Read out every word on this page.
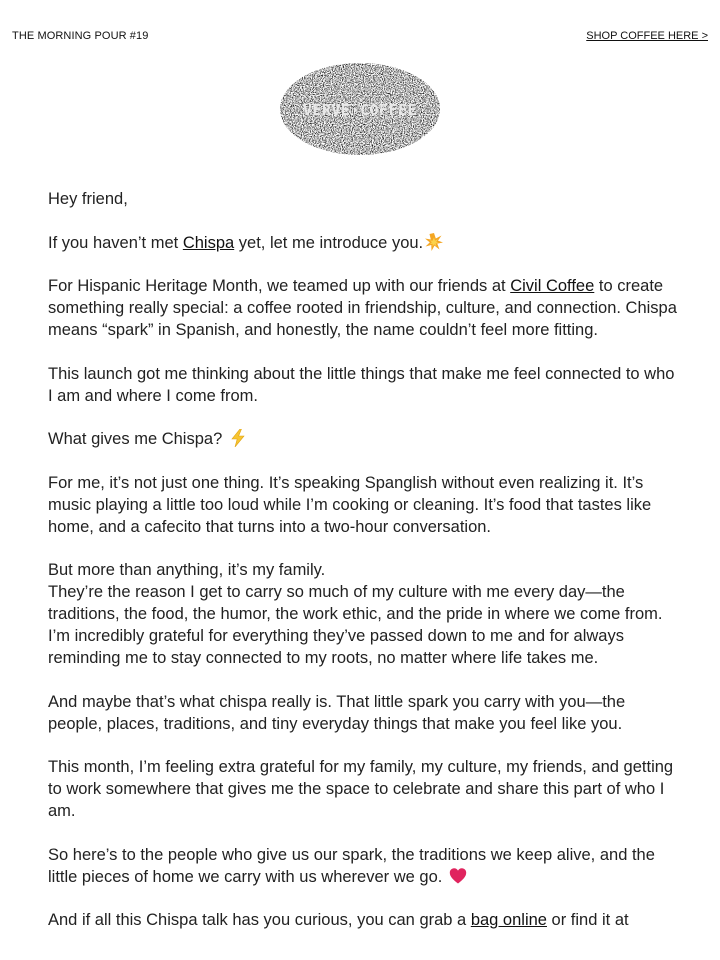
THE MORNING POUR #19	SHOP COFFEE HERE >
VERVE·COFFEE

Hey friend,

If you haven’t met Chispa yet, let me introduce you.

For Hispanic Heritage Month, we teamed up with our friends at Civil Coffee to create something really special: a coffee rooted in friendship, culture, and connection. Chispa means “spark” in Spanish, and honestly, the name couldn’t feel more fitting.

This launch got me thinking about the little things that make me feel connected to who I am and where I come from.

What gives me Chispa?

For me, it’s not just one thing. It’s speaking Spanglish without even realizing it. It’s music playing a little too loud while I’m cooking or cleaning. It’s food that tastes like home, and a cafecito that turns into a two-hour conversation.

But more than anything, it’s my family.
They’re the reason I get to carry so much of my culture with me every day—the traditions, the food, the humor, the work ethic, and the pride in where we come from. I’m incredibly grateful for everything they’ve passed down to me and for always reminding me to stay connected to my roots, no matter where life takes me.

And maybe that’s what chispa really is. That little spark you carry with you—the people, places, traditions, and tiny everyday things that make you feel like you.

This month, I’m feeling extra grateful for my family, my culture, my friends, and getting to work somewhere that gives me the space to celebrate and share this part of who I am.

So here’s to the people who give us our spark, the traditions we keep alive, and the little pieces of home we carry with us wherever we go.

And if all this Chispa talk has you curious, you can grab a bag online or find it at
